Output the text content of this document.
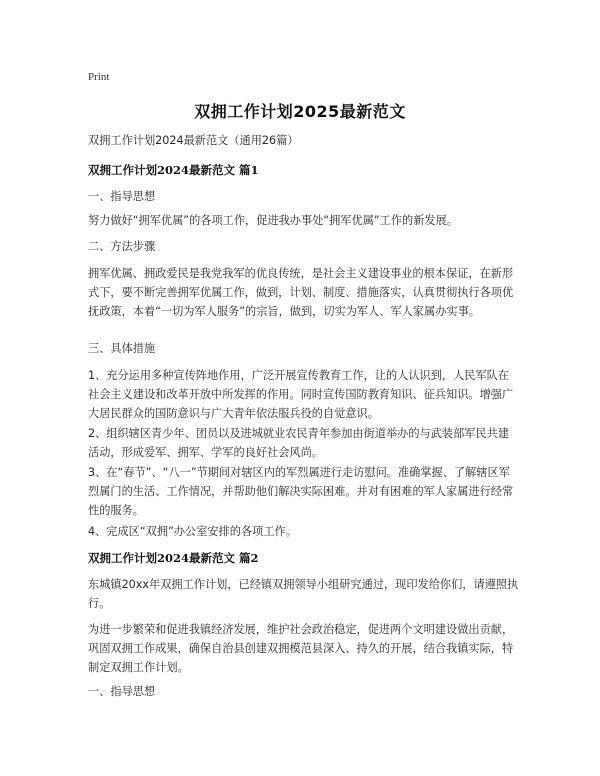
Print
双拥工作计划2025最新范文

双拥工作计划2024最新范文（通用26篇）

双拥工作计划2024最新范文 篇1

一、指导思想

努力做好“拥军优属”的各项工作，促进我办事处“拥军优属”工作的新发展。

二、方法步骤

拥军优属、拥政爱民是我党我军的优良传统，是社会主义建设事业的根本保证，在新形式下，要不断完善拥军优属工作，做到，计划、制度、措施落实，认真贯彻执行各项优抚政策，本着“一切为军人服务”的宗旨，做到，切实为军人、军人家属办实事。

三、具体措施

1、充分运用多种宣传阵地作用，广泛开展宣传教育工作，让的人认识到，人民军队在社会主义建设和改革开放中所发挥的作用。同时宣传国防教育知识、征兵知识。增强广大居民群众的国防意识与广大青年依法服兵役的自觉意识。

2、组织辖区青少年、团员以及进城就业农民青年参加由街道举办的与武装部军民共建活动，形成爱军、拥军、学军的良好社会风尚。

3、在“春节”、“八一”节期间对辖区内的军烈属进行走访慰问。准确掌握、了解辖区军烈属门的生活、工作情况，并帮助他们解决实际困难。并对有困难的军人家属进行经常性的服务。

4、完成区“双拥”办公室安排的各项工作。

双拥工作计划2024最新范文 篇2

东城镇20xx年双拥工作计划，已经镇双拥领导小组研究通过，现印发给你们，请遵照执行。

为进一步繁荣和促进我镇经济发展，维护社会政治稳定，促进两个文明建设做出贡献，巩固双拥工作成果，确保自治县创建双拥模范县深入、持久的开展，结合我镇实际，特制定双拥工作计划。

一、指导思想
